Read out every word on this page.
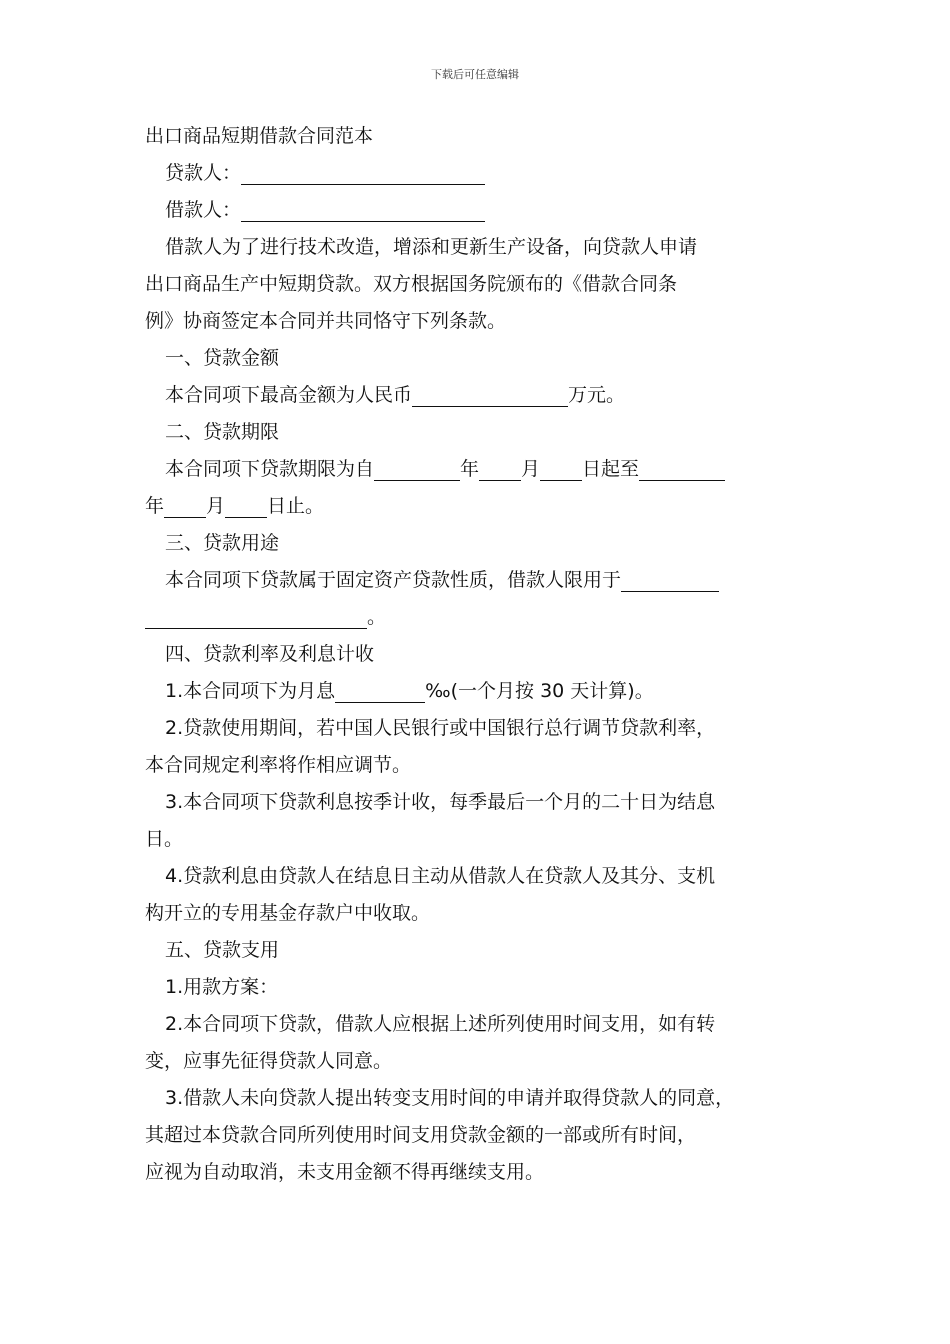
下载后可任意编辑
出口商品短期借款合同范本
贷款人：
借款人：
借款人为了进行技术改造，增添和更新生产设备，向贷款人申请
出口商品生产中短期贷款。双方根据国务院颁布的《借款合同条
例》协商签定本合同并共同恪守下列条款。
一、贷款金额
本合同项下最高金额为人民币	万元。
二、贷款期限
本合同项下贷款期限为自	年 月 日起至
年 月 日止。
三、贷款用途
本合同项下贷款属于固定资产贷款性质，借款人限用于
。
四、贷款利率及利息计收
1.本合同项下为月息	‰(一个月按 30 天计算)。
2.贷款使用期间，若中国人民银行或中国银行总行调节贷款利率，
本合同规定利率将作相应调节。
3.本合同项下贷款利息按季计收，每季最后一个月的二十日为结息
日。
4.贷款利息由贷款人在结息日主动从借款人在贷款人及其分、支机
构开立的专用基金存款户中收取。
五、贷款支用
1.用款方案：
2.本合同项下贷款，借款人应根据上述所列使用时间支用，如有转
变，应事先征得贷款人同意。
3.借款人未向贷款人提出转变支用时间的申请并取得贷款人的同意，
其超过本贷款合同所列使用时间支用贷款金额的一部或所有时间，
应视为自动取消，未支用金额不得再继续支用。
